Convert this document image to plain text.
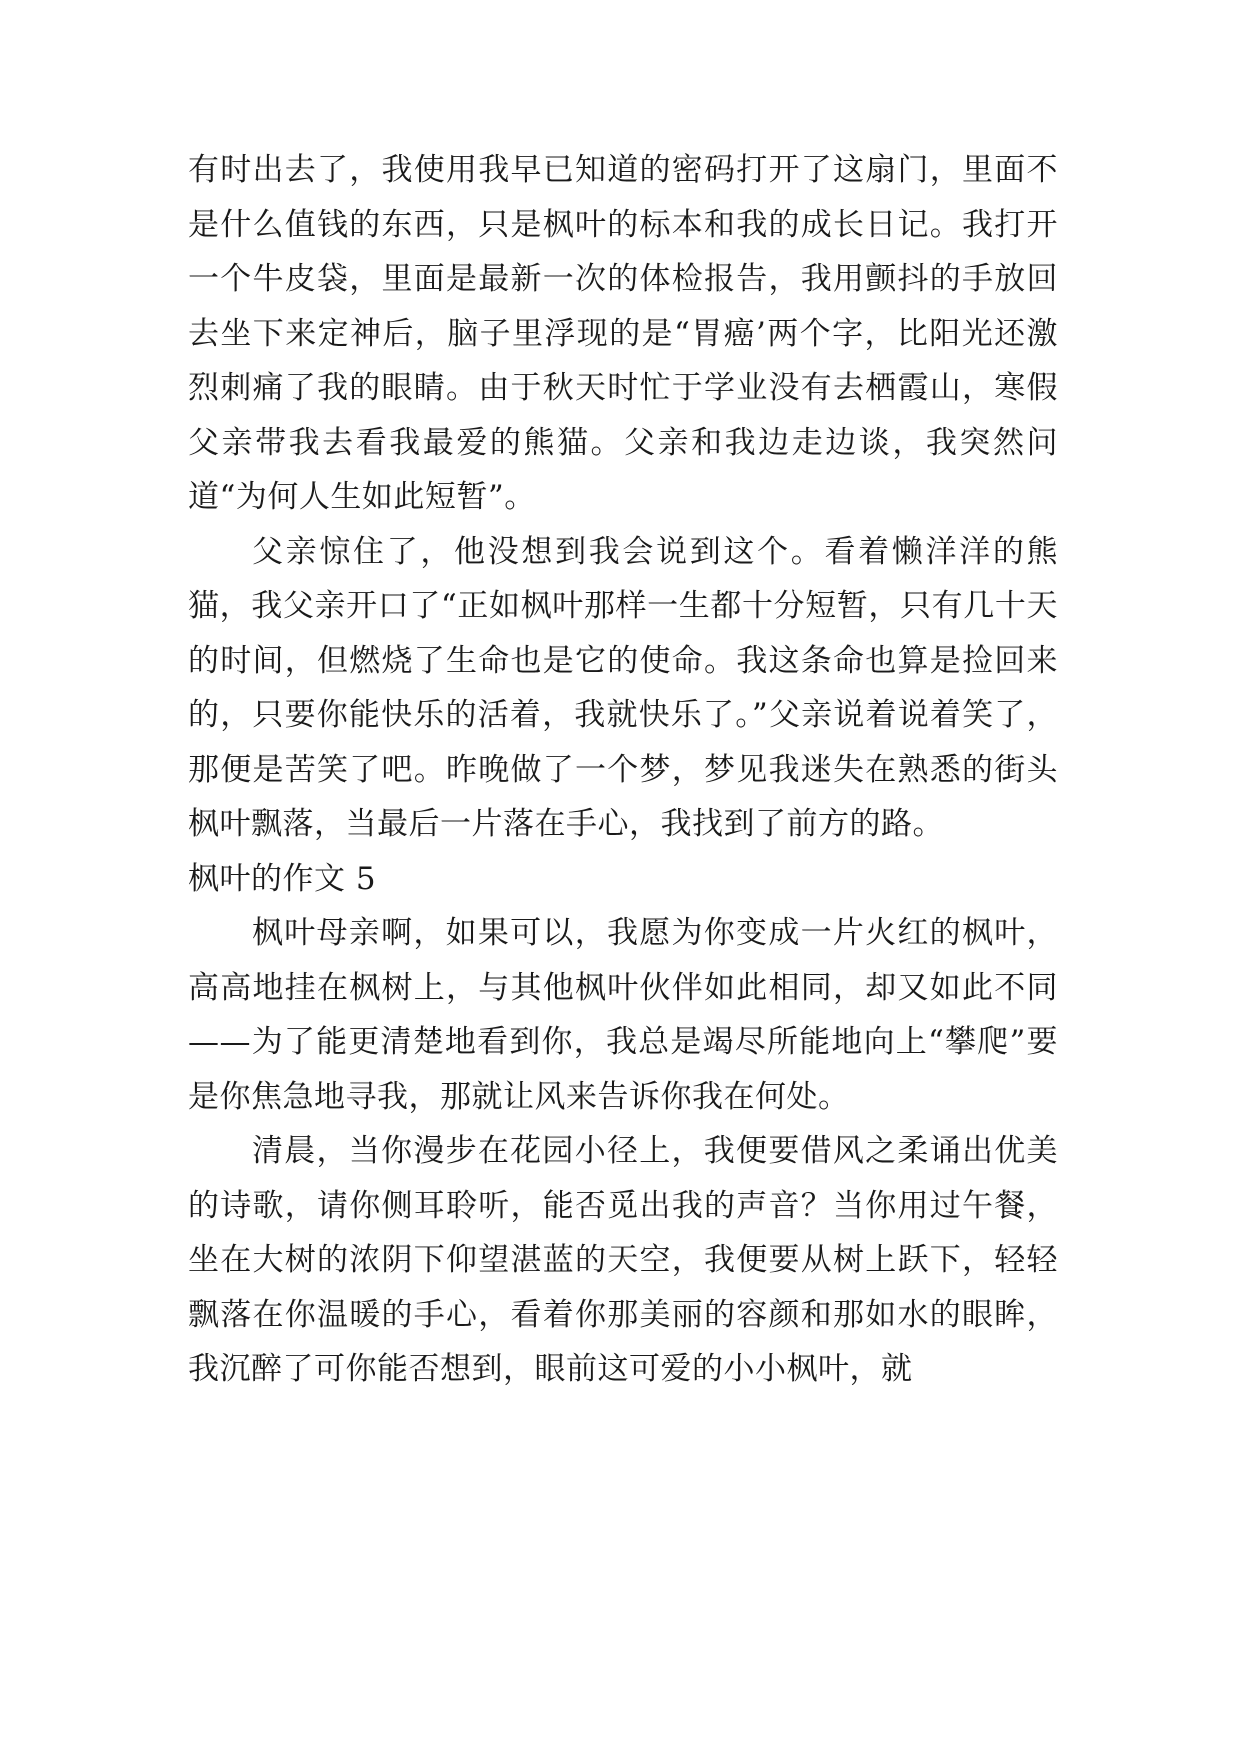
有时出去了，我使用我早已知道的密码打开了这扇门，里面不是什么值钱的东西，只是枫叶的标本和我的成长日记。我打开一个牛皮袋，里面是最新一次的体检报告，我用颤抖的手放回去坐下来定神后，脑子里浮现的是“胃癌’两个字，比阳光还激烈刺痛了我的眼睛。由于秋天时忙于学业没有去栖霞山，寒假父亲带我去看我最爱的熊猫。父亲和我边走边谈，我突然问道“为何人生如此短暂”。

父亲惊住了，他没想到我会说到这个。看着懒洋洋的熊猫，我父亲开口了“正如枫叶那样一生都十分短暂，只有几十天的时间，但燃烧了生命也是它的使命。我这条命也算是捡回来的，只要你能快乐的活着，我就快乐了。”父亲说着说着笑了，那便是苦笑了吧。昨晚做了一个梦，梦见我迷失在熟悉的街头枫叶飘落，当最后一片落在手心，我找到了前方的路。

枫叶的作文 5

枫叶母亲啊，如果可以，我愿为你变成一片火红的枫叶，高高地挂在枫树上，与其他枫叶伙伴如此相同，却又如此不同——为了能更清楚地看到你，我总是竭尽所能地向上“攀爬”要是你焦急地寻我，那就让风来告诉你我在何处。

清晨，当你漫步在花园小径上，我便要借风之柔诵出优美的诗歌，请你侧耳聆听，能否觅出我的声音？当你用过午餐，坐在大树的浓阴下仰望湛蓝的天空，我便要从树上跃下，轻轻飘落在你温暖的手心，看着你那美丽的容颜和那如水的眼眸，我沉醉了可你能否想到，眼前这可爱的小小枫叶，就
